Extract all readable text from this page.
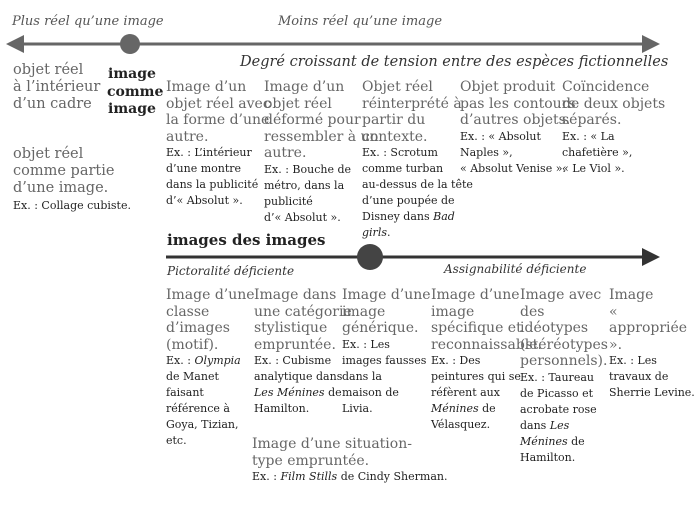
Plus réel qu’une image	Moins réel qu’une image
Degré croissant de tension entre des espèces fictionnelles
objet réel
à l’intérieur
d’un cadre
objet réel
comme partie
d’une image.
Ex. : Collage cubiste.
image
comme
image
Image d’un
objet réel avec
la forme d’une
autre.
Ex. : L’intérieur
d’une montre
dans la publicité
d’« Absolut ».
Image d’un
objet réel
déformé pour
ressembler à un
autre.
Ex. : Bouche de
métro, dans la
publicité
d’« Absolut ».
Objet réel
réinterprété à
partir du
contexte.
Ex. : Scrotum
comme turban
au-dessus de la tête
d’une poupée de
Disney dans Bad
girls.
Objet produit
pas les contours
d’autres objets.
Ex. : « Absolut
Naples »,
« Absolut Venise ».
Coïncidence
de deux objets
séparés.
Ex. : « La
chafetière »,
« Le Viol ».
images des images
Pictoralité déficiente	Assignabilité déficiente
Image d’une
classe
d’images
(motif).
Ex. : Olympia
de Manet
faisant
référence à
Goya, Tizian,
etc.
Image dans
une catégorie
stylistique
empruntée.
Ex. : Cubisme
analytique dans
Les Ménines de
Hamilton.
Image d’une
image
générique.
Ex. : Les
images fausses
dans la
maison de
Livia.
Image d’une
image
spécifique et
reconnaissable.
Ex. : Des
peintures qui se
réfèrent aux
Ménines de
Vélasquez.
Image avec
des
idéotypes
(stéréotypes
personnels).
Ex. : Taureau
de Picasso et
acrobate rose
dans Les
Ménines de
Hamilton.
Image
« appropriée ».
Ex. : Les
travaux de
Sherrie Levine.
Image d’une situation-
type empruntée.
Ex. : Film Stills de Cindy Sherman.
